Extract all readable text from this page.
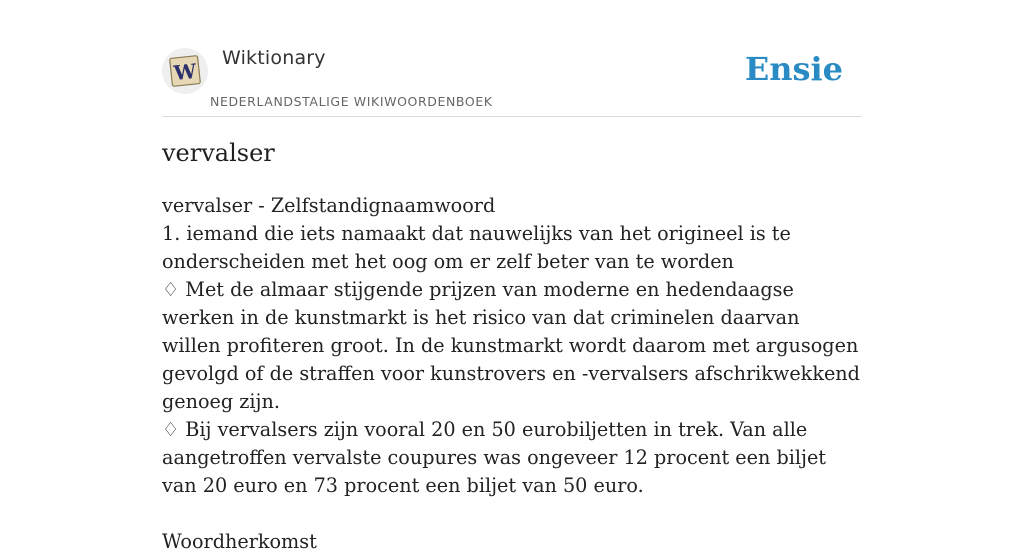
W
Wiktionary
NEDERLANDSTALIGE WIKIWOORDENBOEK
Ensie
vervalser

vervalser - Zelfstandignaamwoord

1. iemand die iets namaakt dat nauwelijks van het origineel is te onderscheiden met het oog om er zelf beter van te worden

♢ Met de almaar stijgende prijzen van moderne en hedendaagse werken in de kunstmarkt is het risico van dat criminelen daarvan willen profiteren groot. In de kunstmarkt wordt daarom met argusogen gevolgd of de straffen voor kunstrovers en -vervalsers afschrikwekkend genoeg zijn.

♢ Bij vervalsers zijn vooral 20 en 50 eurobiljetten in trek. Van alle aangetroffen vervalste coupures was ongeveer 12 procent een biljet van 20 euro en 73 procent een biljet van 50 euro.

Woordherkomst
